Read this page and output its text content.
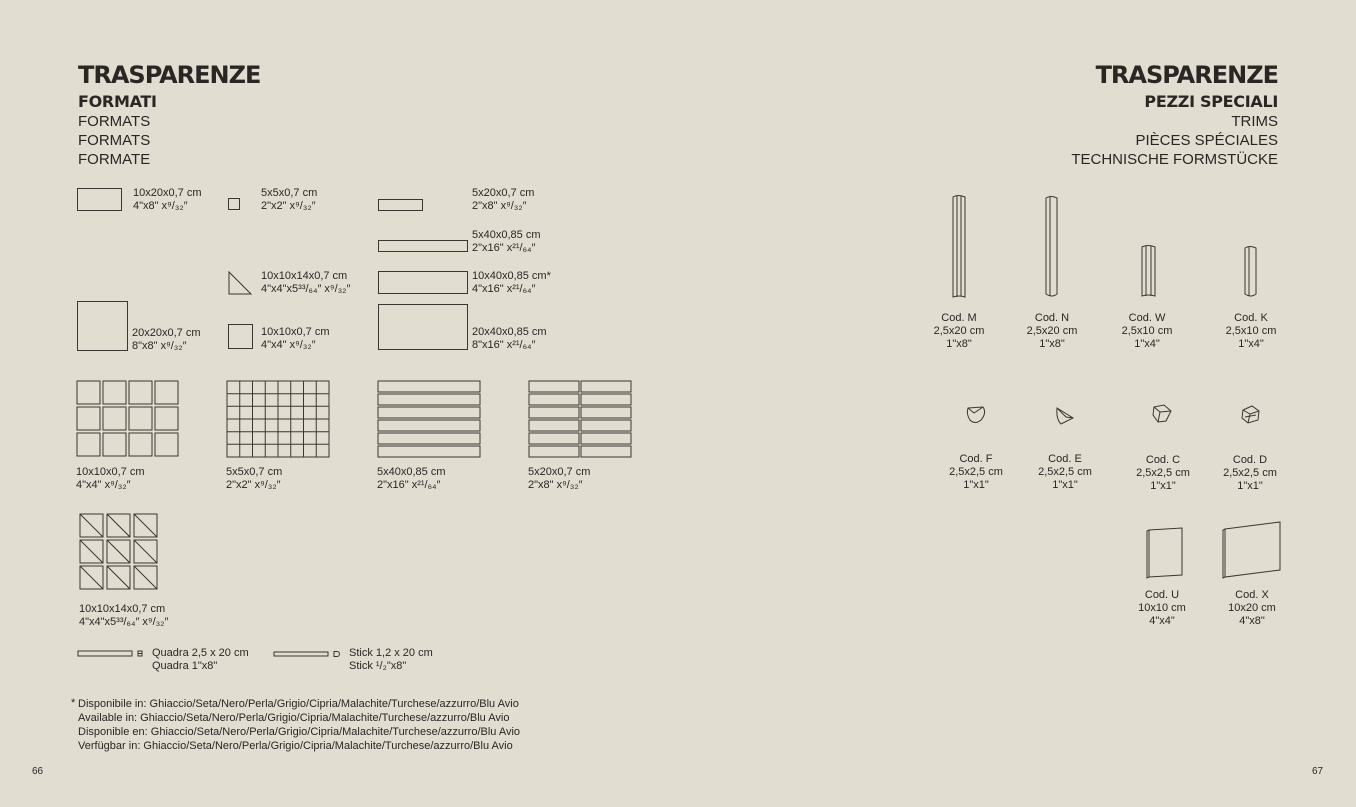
TRASPARENZE
FORMATI
FORMATS
FORMATS
FORMATE
10x20x0,7 cm
4"x8" x⁹/₃₂″
5x5x0,7 cm
2"x2" x⁹/₃₂″
5x20x0,7 cm
2"x8" x⁹/₃₂″
5x40x0,85 cm
2"x16" x²¹/₆₄″
10x10x14x0,7 cm
4"x4"x5³³/₆₄″ x⁹/₃₂″
10x40x0,85 cm*
4"x16" x²¹/₆₄″
20x20x0,7 cm
8"x8" x⁹/₃₂″
10x10x0,7 cm
4"x4" x⁹/₃₂″
20x40x0,85 cm
8"x16" x²¹/₆₄″
10x10x0,7 cm
4"x4" x⁹/₃₂″
5x5x0,7 cm
2"x2" x⁹/₃₂″
5x40x0,85 cm
2"x16" x²¹/₆₄″
5x20x0,7 cm
2"x8" x⁹/₃₂″
10x10x14x0,7 cm
4"x4"x5³³/₆₄″ x⁹/₃₂″
Quadra 2,5 x 20 cm
Quadra 1"x8"
Stick 1,2 x 20 cm
Stick ¹/₂"x8"
* Disponibile in: Ghiaccio/Seta/Nero/Perla/Grigio/Cipria/Malachite/Turchese/azzurro/Blu Avio
Available in: Ghiaccio/Seta/Nero/Perla/Grigio/Cipria/Malachite/Turchese/azzurro/Blu Avio
Disponible en: Ghiaccio/Seta/Nero/Perla/Grigio/Cipria/Malachite/Turchese/azzurro/Blu Avio
Verfügbar in: Ghiaccio/Seta/Nero/Perla/Grigio/Cipria/Malachite/Turchese/azzurro/Blu Avio
66
TRASPARENZE
PEZZI SPECIALI
TRIMS
PIÈCES SPÉCIALES
TECHNISCHE FORMSTÜCKE
Cod. M
2,5x20 cm
1"x8"
Cod. N
2,5x20 cm
1"x8"
Cod. W
2,5x10 cm
1"x4"
Cod. K
2,5x10 cm
1"x4"
Cod. F
2,5x2,5 cm
1"x1"
Cod. E
2,5x2,5 cm
1"x1"
Cod. C
2,5x2,5 cm
1"x1"
Cod. D
2,5x2,5 cm
1"x1"
Cod. U
10x10 cm
4"x4"
Cod. X
10x20 cm
4"x8"
67
